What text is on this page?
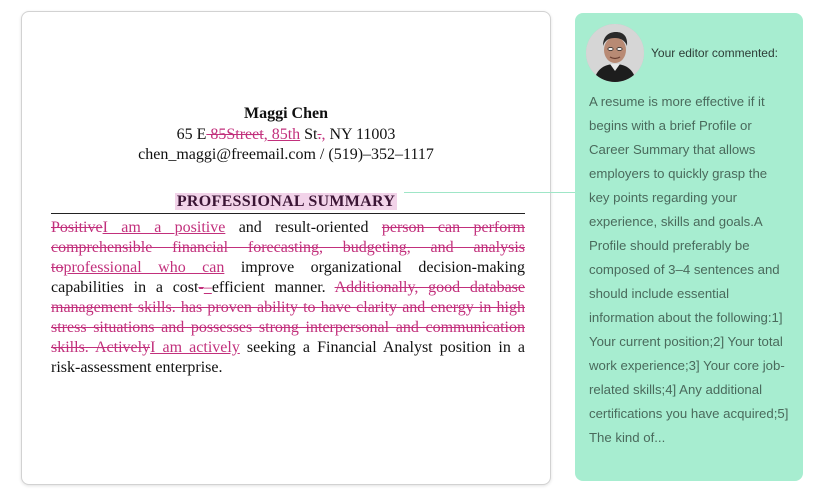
Maggi Chen
65 E 85Street, 85th St., NY 11003
chen_maggi@freemail.com / (519)–352–1117
PROFESSIONAL SUMMARY
PositiveI am a positive and result-oriented person can perform comprehensible financial forecasting, budgeting, and analysis toprofessional who can improve organizational decision-making capabilities in a cost-–efficient manner. Additionally, good database management skills. has proven ability to have clarity and energy in high stress situations and possesses strong interpersonal and communication skills. ActivelyI am actively seeking a Financial Analyst position in a risk-assessment enterprise.
Your editor commented:
A resume is more effective if it begins with a brief Profile or Career Summary that allows employers to quickly grasp the key points regarding your experience, skills and goals.A Profile should preferably be composed of 3–4 sentences and should include essential information about the following:1] Your current position;2] Your total work experience;3] Your core job-related skills;4] Any additional certifications you have acquired;5] The kind of...
